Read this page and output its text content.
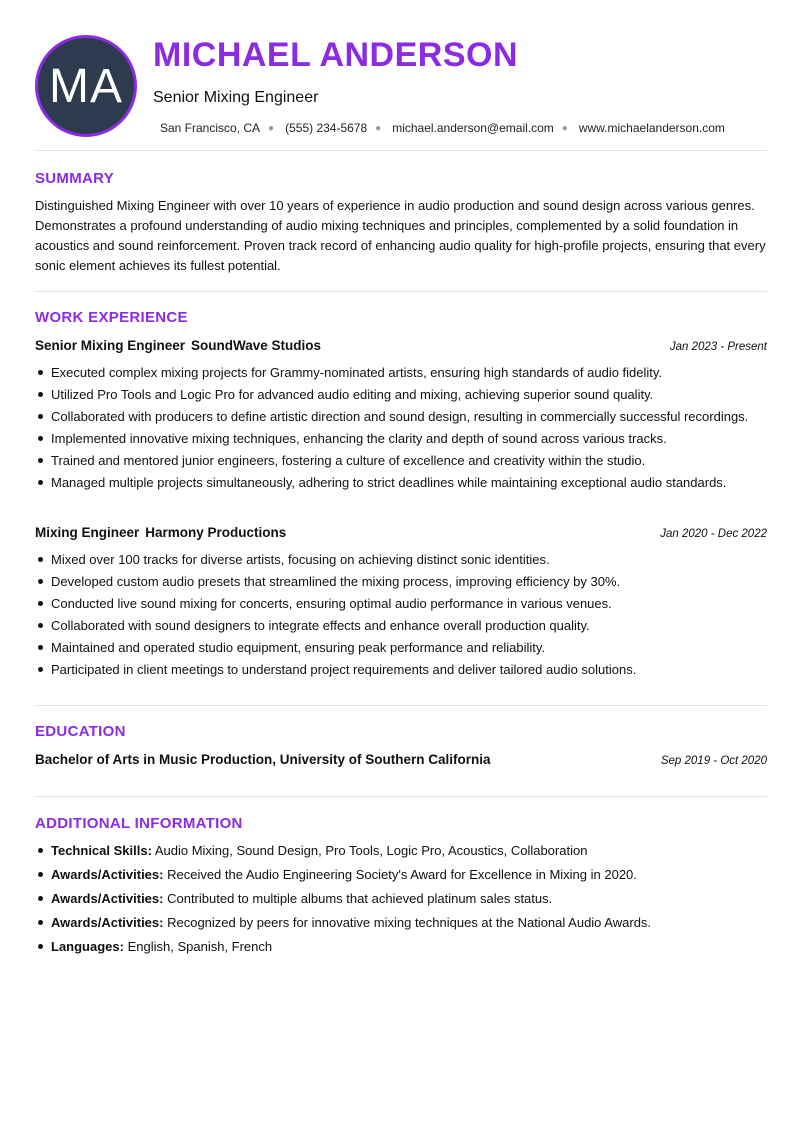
MA
MICHAEL ANDERSON
Senior Mixing Engineer
San Francisco, CA ● (555) 234-5678 ● michael.anderson@email.com ● www.michaelanderson.com
SUMMARY

Distinguished Mixing Engineer with over 10 years of experience in audio production and sound design across various genres. Demonstrates a profound understanding of audio mixing techniques and principles, complemented by a solid foundation in acoustics and sound reinforcement. Proven track record of enhancing audio quality for high-profile projects, ensuring that every sonic element achieves its fullest potential.

WORK EXPERIENCE
Senior Mixing Engineer SoundWave Studios	Jan 2023 - Present
Executed complex mixing projects for Grammy-nominated artists, ensuring high standards of audio fidelity.
Utilized Pro Tools and Logic Pro for advanced audio editing and mixing, achieving superior sound quality.
Collaborated with producers to define artistic direction and sound design, resulting in commercially successful recordings.
Implemented innovative mixing techniques, enhancing the clarity and depth of sound across various tracks.
Trained and mentored junior engineers, fostering a culture of excellence and creativity within the studio.
Managed multiple projects simultaneously, adhering to strict deadlines while maintaining exceptional audio standards.
Mixing Engineer Harmony Productions	Jan 2020 - Dec 2022
Mixed over 100 tracks for diverse artists, focusing on achieving distinct sonic identities.
Developed custom audio presets that streamlined the mixing process, improving efficiency by 30%.
Conducted live sound mixing for concerts, ensuring optimal audio performance in various venues.
Collaborated with sound designers to integrate effects and enhance overall production quality.
Maintained and operated studio equipment, ensuring peak performance and reliability.
Participated in client meetings to understand project requirements and deliver tailored audio solutions.
EDUCATION
Bachelor of Arts in Music Production, University of Southern California	Sep 2019 - Oct 2020
ADDITIONAL INFORMATION
Technical Skills: Audio Mixing, Sound Design, Pro Tools, Logic Pro, Acoustics, Collaboration
Awards/Activities: Received the Audio Engineering Society's Award for Excellence in Mixing in 2020.
Awards/Activities: Contributed to multiple albums that achieved platinum sales status.
Awards/Activities: Recognized by peers for innovative mixing techniques at the National Audio Awards.
Languages: English, Spanish, French
